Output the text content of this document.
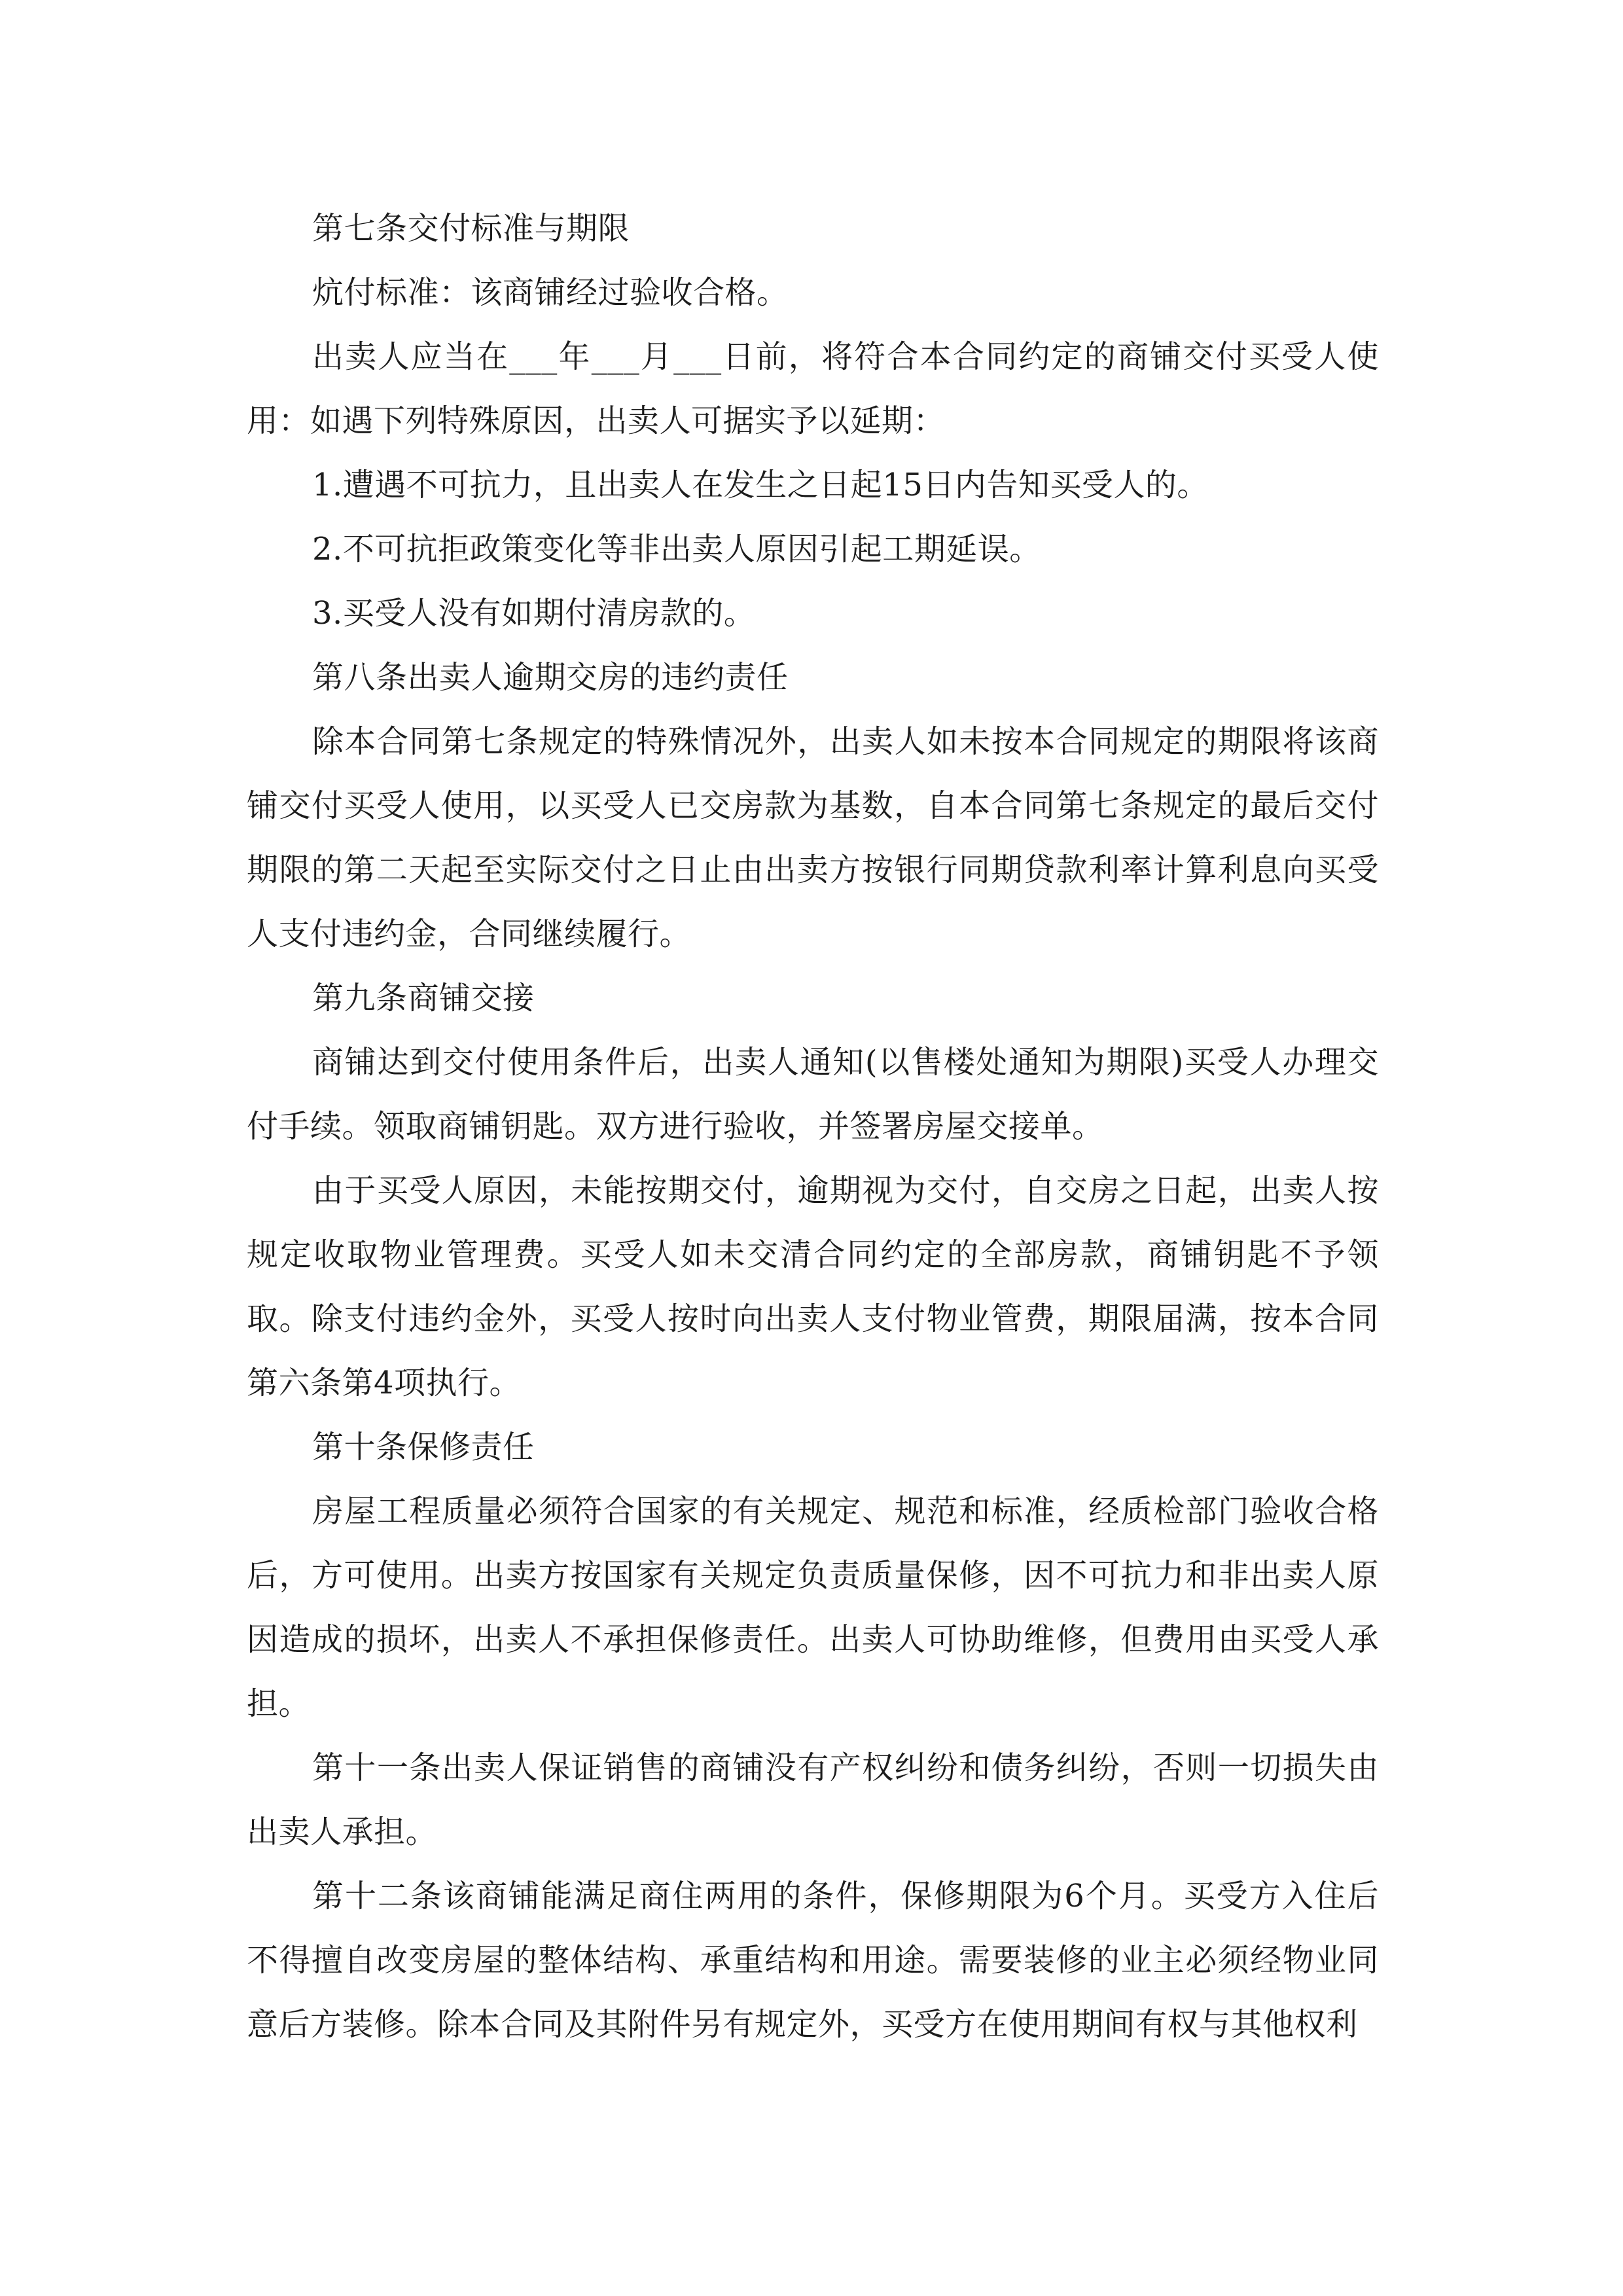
第七条交付标准与期限

炕付标准：该商铺经过验收合格。

出卖人应当在___年___月___日前，将符合本合同约定的商铺交付买受人使用：如遇下列特殊原因，出卖人可据实予以延期：

1.遭遇不可抗力，且出卖人在发生之日起15日内告知买受人的。

2.不可抗拒政策变化等非出卖人原因引起工期延误。

3.买受人没有如期付清房款的。

第八条出卖人逾期交房的违约责任

除本合同第七条规定的特殊情况外，出卖人如未按本合同规定的期限将该商铺交付买受人使用，以买受人已交房款为基数，自本合同第七条规定的最后交付期限的第二天起至实际交付之日止由出卖方按银行同期贷款利率计算利息向买受人支付违约金，合同继续履行。

第九条商铺交接

商铺达到交付使用条件后，出卖人通知(以售楼处通知为期限)买受人办理交付手续。领取商铺钥匙。双方进行验收，并签署房屋交接单。

由于买受人原因，未能按期交付，逾期视为交付，自交房之日起，出卖人按规定收取物业管理费。买受人如未交清合同约定的全部房款，商铺钥匙不予领取。除支付违约金外，买受人按时向出卖人支付物业管费，期限届满，按本合同第六条第4项执行。

第十条保修责任

房屋工程质量必须符合国家的有关规定、规范和标准，经质检部门验收合格后，方可使用。出卖方按国家有关规定负责质量保修，因不可抗力和非出卖人原因造成的损坏，出卖人不承担保修责任。出卖人可协助维修，但费用由买受人承担。

第十一条出卖人保证销售的商铺没有产权纠纷和债务纠纷，否则一切损失由出卖人承担。

第十二条该商铺能满足商住两用的条件，保修期限为6个月。买受方入住后不得擅自改变房屋的整体结构、承重结构和用途。需要装修的业主必须经物业同意后方装修。除本合同及其附件另有规定外，买受方在使用期间有权与其他权利
